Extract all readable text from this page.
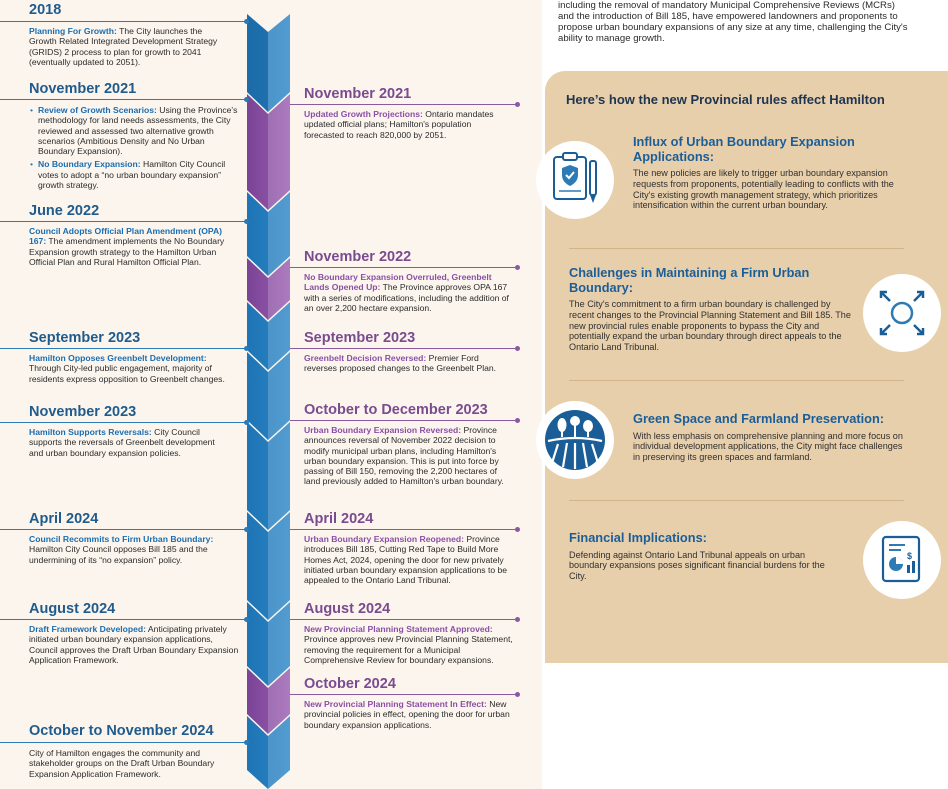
2018
Planning For Growth: The City launches the Growth Related Integrated Development Strategy (GRIDS) 2 process to plan for growth to 2041 (eventually updated to 2051).
November 2021
• Review of Growth Scenarios: Using the Province's methodology for land needs assessments, the City reviewed and assessed two alternative growth scenarios (Ambitious Density and No Urban Boundary Expansion).
• No Boundary Expansion: Hamilton City Council votes to adopt a “no urban boundary expansion” growth strategy.
June 2022
Council Adopts Official Plan Amendment (OPA) 167: The amendment implements the No Boundary Expansion growth strategy to the Hamilton Urban Official Plan and Rural Hamilton Official Plan.
September 2023
Hamilton Opposes Greenbelt Development: Through City-led public engagement, majority of residents express opposition to Greenbelt changes.
November 2023
Hamilton Supports Reversals: City Council supports the reversals of Greenbelt development and urban boundary expansion policies.
April 2024
Council Recommits to Firm Urban Boundary: Hamilton City Council opposes Bill 185 and the undermining of its “no expansion” policy.
August 2024
Draft Framework Developed: Anticipating privately initiated urban boundary expansion applications, Council approves the Draft Urban Boundary Expansion Application Framework.
October to November 2024
City of Hamilton engages the community and stakeholder groups on the Draft Urban Boundary Expansion Application Framework.
November 2021
Updated Growth Projections: Ontario mandates updated official plans; Hamilton's population forecasted to reach 820,000 by 2051.
November 2022
No Boundary Expansion Overruled, Greenbelt Lands Opened Up: The Province approves OPA 167 with a series of modifications, including the addition of an over 2,200 hectare expansion.
September 2023
Greenbelt Decision Reversed: Premier Ford reverses proposed changes to the Greenbelt Plan.
October to December 2023
Urban Boundary Expansion Reversed: Province announces reversal of November 2022 decision to modify municipal urban plans, including Hamilton's urban boundary expansion. This is put into force by passing of Bill 150, removing the 2,200 hectares of land previously added to Hamilton's urban boundary.
April 2024
Urban Boundary Expansion Reopened: Province introduces Bill 185, Cutting Red Tape to Build More Homes Act, 2024, opening the door for new privately initiated urban boundary expansion applications to be appealed to the Ontario Land Tribunal.
August 2024
New Provincial Planning Statement Approved: Province approves new Provincial Planning Statement, removing the requirement for a Municipal Comprehensive Review for boundary expansions.
October 2024
New Provincial Planning Statement In Effect: New provincial policies in effect, opening the door for urban boundary expansion applications.
including the removal of mandatory Municipal Comprehensive Reviews (MCRs)
and the introduction of Bill 185, have empowered landowners and proponents to
propose urban boundary expansions of any size at any time, challenging the City's
ability to manage growth.
Here’s how the new Provincial rules affect Hamilton
Influx of Urban Boundary Expansion Applications:
The new policies are likely to trigger urban boundary expansion requests from proponents, potentially leading to conflicts with the City's existing growth management strategy, which prioritizes intensification within the current urban boundary.
Challenges in Maintaining a Firm Urban Boundary:
The City's commitment to a firm urban boundary is challenged by recent changes to the Provincial Planning Statement and Bill 185. The new provincial rules enable proponents to bypass the City and potentially expand the urban boundary through direct appeals to the Ontario Land Tribunal.
Green Space and Farmland Preservation:
With less emphasis on comprehensive planning and more focus on individual development applications, the City might face challenges in preserving its green spaces and farmland.
Financial Implications:
Defending against Ontario Land Tribunal appeals on urban boundary expansions poses significant financial burdens for the City.
$
